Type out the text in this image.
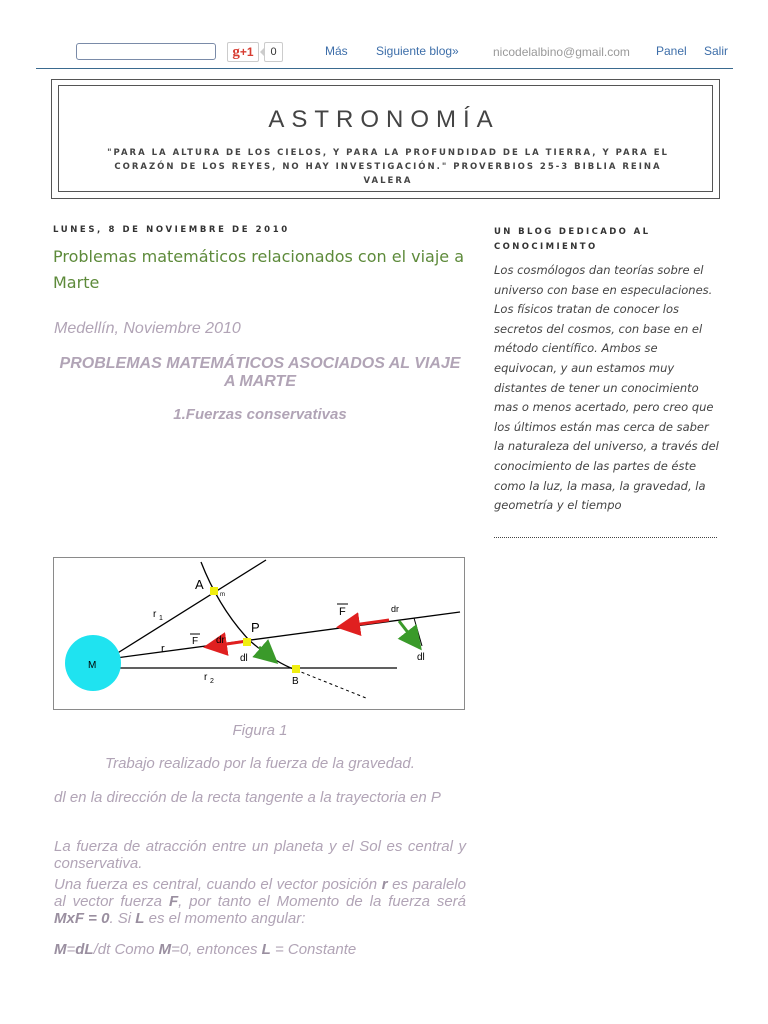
g+1	0	Más Siguiente blog»	nicodelalbino@gmail.com Panel Salir
ASTRONOMÍA
"PARA LA ALTURA DE LOS CIELOS, Y PARA LA PROFUNDIDAD DE LA TIERRA, Y PARA EL CORAZÓN DE LOS REYES, NO HAY INVESTIGACIÓN." PROVERBIOS 25-3 BIBLIA REINA VALERA
LUNES, 8 DE NOVIEMBRE DE 2010
Problemas matemáticos relacionados con el viaje a Marte
Medellín, Noviembre 2010
PROBLEMAS MATEMÁTICOS ASOCIADOS AL VIAJE A MARTE
1.Fuerzas conservativas
A
m
r 1
P
F
F
dr
dr
r
dl	dl
M
r 2	B
Figura 1
Trabajo realizado por la fuerza de la gravedad.
dl en la dirección de la recta tangente a la trayectoria en P
La fuerza de atracción entre un planeta y el Sol es central y conservativa.
Una fuerza es central, cuando el vector posición r es paralelo al vector fuerza F, por tanto el Momento de la fuerza será MxF = 0. Si L es el momento angular:
M=dL/dt Como M=0, entonces L = Constante
UN BLOG DEDICADO AL CONOCIMIENTO
Los cosmólogos dan teorías sobre el universo con base en especulaciones. Los físicos tratan de conocer los secretos del cosmos, con base en el método científico. Ambos se equivocan, y aun estamos muy distantes de tener un conocimiento mas o menos acertado, pero creo que los últimos están mas cerca de saber la naturaleza del universo, a través del conocimiento de las partes de éste como la luz, la masa, la gravedad, la geometría y el tiempo
